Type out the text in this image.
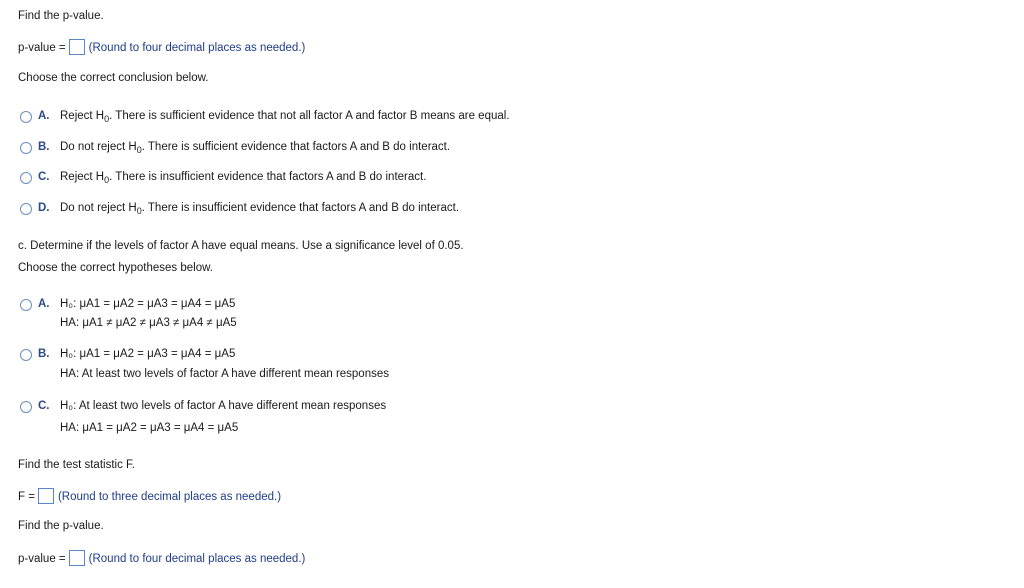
Find the p-value.
p-value = (Round to four decimal places as needed.)
Choose the correct conclusion below.
A. Reject $H_0$. There is sufficient evidence that not all factor A and factor B means are equal.
B. Do not reject $H_0$. There is sufficient evidence that factors A and B do interact.
C. Reject $H_0$. There is insufficient evidence that factors A and B do interact.
D. Do not reject $H_0$. There is insufficient evidence that factors A and B do interact.
c. Determine if the levels of factor A have equal means. Use a significance level of 0.05.
Choose the correct hypotheses below.
A. H₀: μA1 = μA2 = μA3 = μA4 = μA5
HA: μA1 ≠ μA2 ≠ μA3 ≠ μA4 ≠ μA5
B. H₀: μA1 = μA2 = μA3 = μA4 = μA5
HA: At least two levels of factor A have different mean responses
C. H₀: At least two levels of factor A have different mean responses
HA: μA1 = μA2 = μA3 = μA4 = μA5
Find the test statistic F.
F = (Round to three decimal places as needed.)
Find the p-value.
p-value = (Round to four decimal places as needed.)
